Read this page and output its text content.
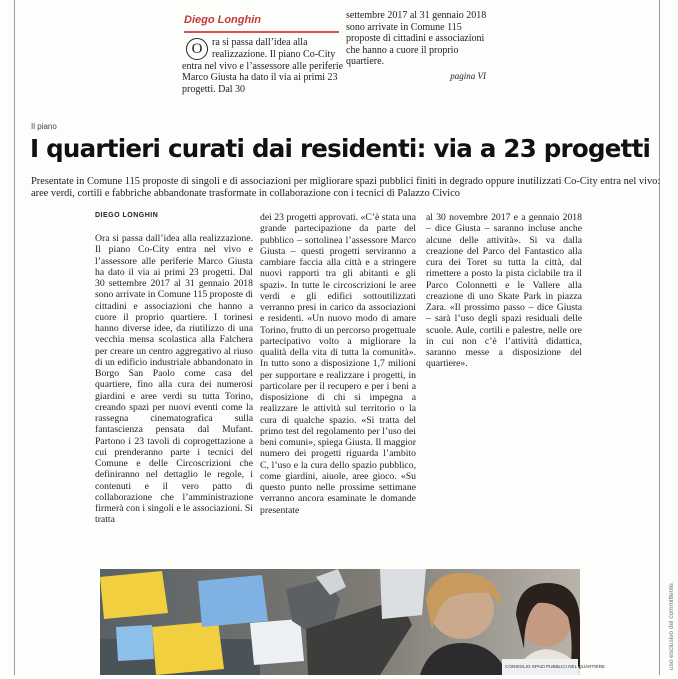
Diego Longhin
O ra si passa dall’idea alla realizzazione. Il piano Co-City entra nel vivo e l’assessore alle periferie Marco Giusta ha dato il via ai primi 23 progetti. Dal 30
settembre 2017 al 31 gennaio 2018 sono arrivate in Comune 115 proposte di cittadini e associazioni che hanno a cuore il proprio quartiere.
pagina VI
Il piano
I quartieri curati dai residenti: via a 23 progetti
Presentate in Comune 115 proposte di singoli e di associazioni per migliorare spazi pubblici finiti in degrado oppure inutilizzati Co-City entra nel vivo: aree verdi, cortili e fabbriche abbandonate trasformate in collaborazione con i tecnici di Palazzo Civico
DIEGO LONGHIN
Ora si passa dall’idea alla realizzazione. Il piano Co-City entra nel vivo e l’assessore alle periferie Marco Giusta ha dato il via ai primi 23 progetti. Dal 30 settembre 2017 al 31 gennaio 2018 sono arrivate in Comune 115 proposte di cittadini e associazioni che hanno a cuore il proprio quartiere. I torinesi hanno diverse idee, da riutilizzo di una vecchia mensa scolastica alla Falchera per creare un centro aggregativo al riuso di un edificio industriale abbandonato in Borgo San Paolo come casa del quartiere, fino alla cura dei numerosi giardini e aree verdi su tutta Torino, creando spazi per nuovi eventi come la rassegna cinematografica sulla fantascienza pensata dal Mufant. Partono i 23 tavoli di coprogettazione a cui prenderanno parte i tecnici del Comune e delle Circoscrizioni che definiranno nel dettaglio le regole, i contenuti e il vero patto di collaborazione che l’amministrazione firmerà con i singoli e le associazioni. Si tratta
dei 23 progetti approvati. «C’è stata una grande partecipazione da parte del pubblico – sottolinea l’assessore Marco Giusta – questi progetti serviranno a cambiare faccia alla città e a stringere nuovi rapporti tra gli abitanti e gli spazi». In tutte le circoscrizioni le aree verdi e gli edifici sottoutilizzati verranno presi in carico da associazioni e residenti. «Un nuovo modo di amare Torino, frutto di un percorso progettuale partecipativo volto a migliorare la qualità della vita di tutta la comunità». In tutto sono a disposizione 1,7 milioni per supportare e realizzare i progetti, in particolare per il recupero e per i beni a disposizione di chi si impegna a realizzare le attività sul territorio o la cura di qualche spazio. «Si tratta del primo test del regolamento per l’uso dei beni comuni», spiega Giusta. Il maggior numero dei progetti riguarda l’ambito C, l’uso e la cura dello spazio pubblico, come giardini, aiuole, aree gioco. «Su questo punto nelle prossime settimane verranno ancora esaminate le domande presentate
al 30 novembre 2017 e a gennaio 2018 – dice Giusta – saranno incluse anche alcune delle attività». Si va dalla creazione del Parco del Fantastico alla cura dei Toret su tutta la città, dal rimettere a posto la pista ciclabile tra il Parco Colonnetti e le Vallere alla creazione di uno Skate Park in piazza Zara. «Il prossimo passo – dice Giusta – sarà l’uso degli spazi residuali delle scuole. Aule, cortili e palestre, nelle ore in cui non c’è l’attività didattica, saranno messe a disposizione del quartiere».
CONSIGLIO SPAZI PUBBLICI NEL QUARTIERE	uso esclusivo del committente.
